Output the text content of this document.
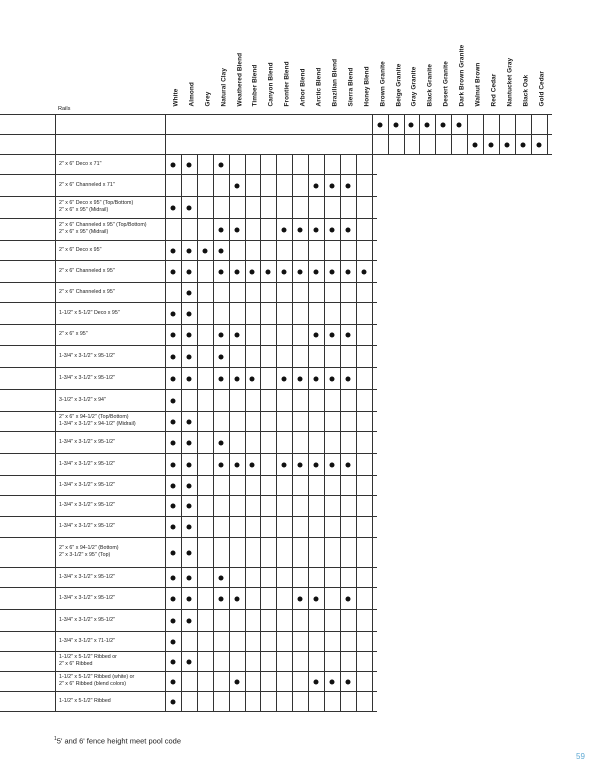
Rails
White Almond Grey Natural Clay Weathered Blend Timber Blend Canyon Blend Frontier Blend Arbor Blend Arctic Blend Brazilian Blend Sierra Blend Honey Blend Brown Granite Beige Granite Gray Granite Black Granite Desert Granite Dark Brown Granite Walnut Brown Red Cedar Nantucket Gray Black Oak Gold Cedar
2" x 6" Deco x 71"
2" x 6" Channeled x 71"
2" x 6" Deco x 95" (Top/Bottom)
2" x 6" x 95" (Midrail)
2" x 6" Channeled x 95" (Top/Bottom)
2" x 6" x 95" (Midrail)
2" x 6" Deco x 95"
2" x 6" Channeled x 95"
2" x 6" Channeled x 95"
1-1/2" x 5-1/2" Deco x 95"
2" x 6" x 95"
1-3/4" x 3-1/2" x 95-1/2"
1-3/4" x 3-1/2" x 95-1/2"
3-1/2" x 3-1/2" x 94"
2" x 6" x 94-1/2" (Top/Bottom)
1-3/4" x 3-1/2" x 94-1/2" (Midrail)
1-3/4" x 3-1/2" x 95-1/2"
1-3/4" x 3-1/2" x 95-1/2"
1-3/4" x 3-1/2" x 95-1/2"
1-3/4" x 3-1/2" x 95-1/2"
1-3/4" x 3-1/2" x 95-1/2"
2" x 6" x 94-1/2" (Bottom)
2" x 3-1/2" x 95" (Top)
1-3/4" x 3-1/2" x 95-1/2"
1-3/4" x 3-1/2" x 95-1/2"
1-3/4" x 3-1/2" x 95-1/2"
1-3/4" x 3-1/2" x 71-1/2"
1-1/2" x 5-1/2" Ribbed or
2" x 6" Ribbed
1-1/2" x 5-1/2" Ribbed (white) or
2" x 6" Ribbed (blend colors)
1-1/2" x 5-1/2" Ribbed
$^1$5' and 6' fence height meet pool code
59
